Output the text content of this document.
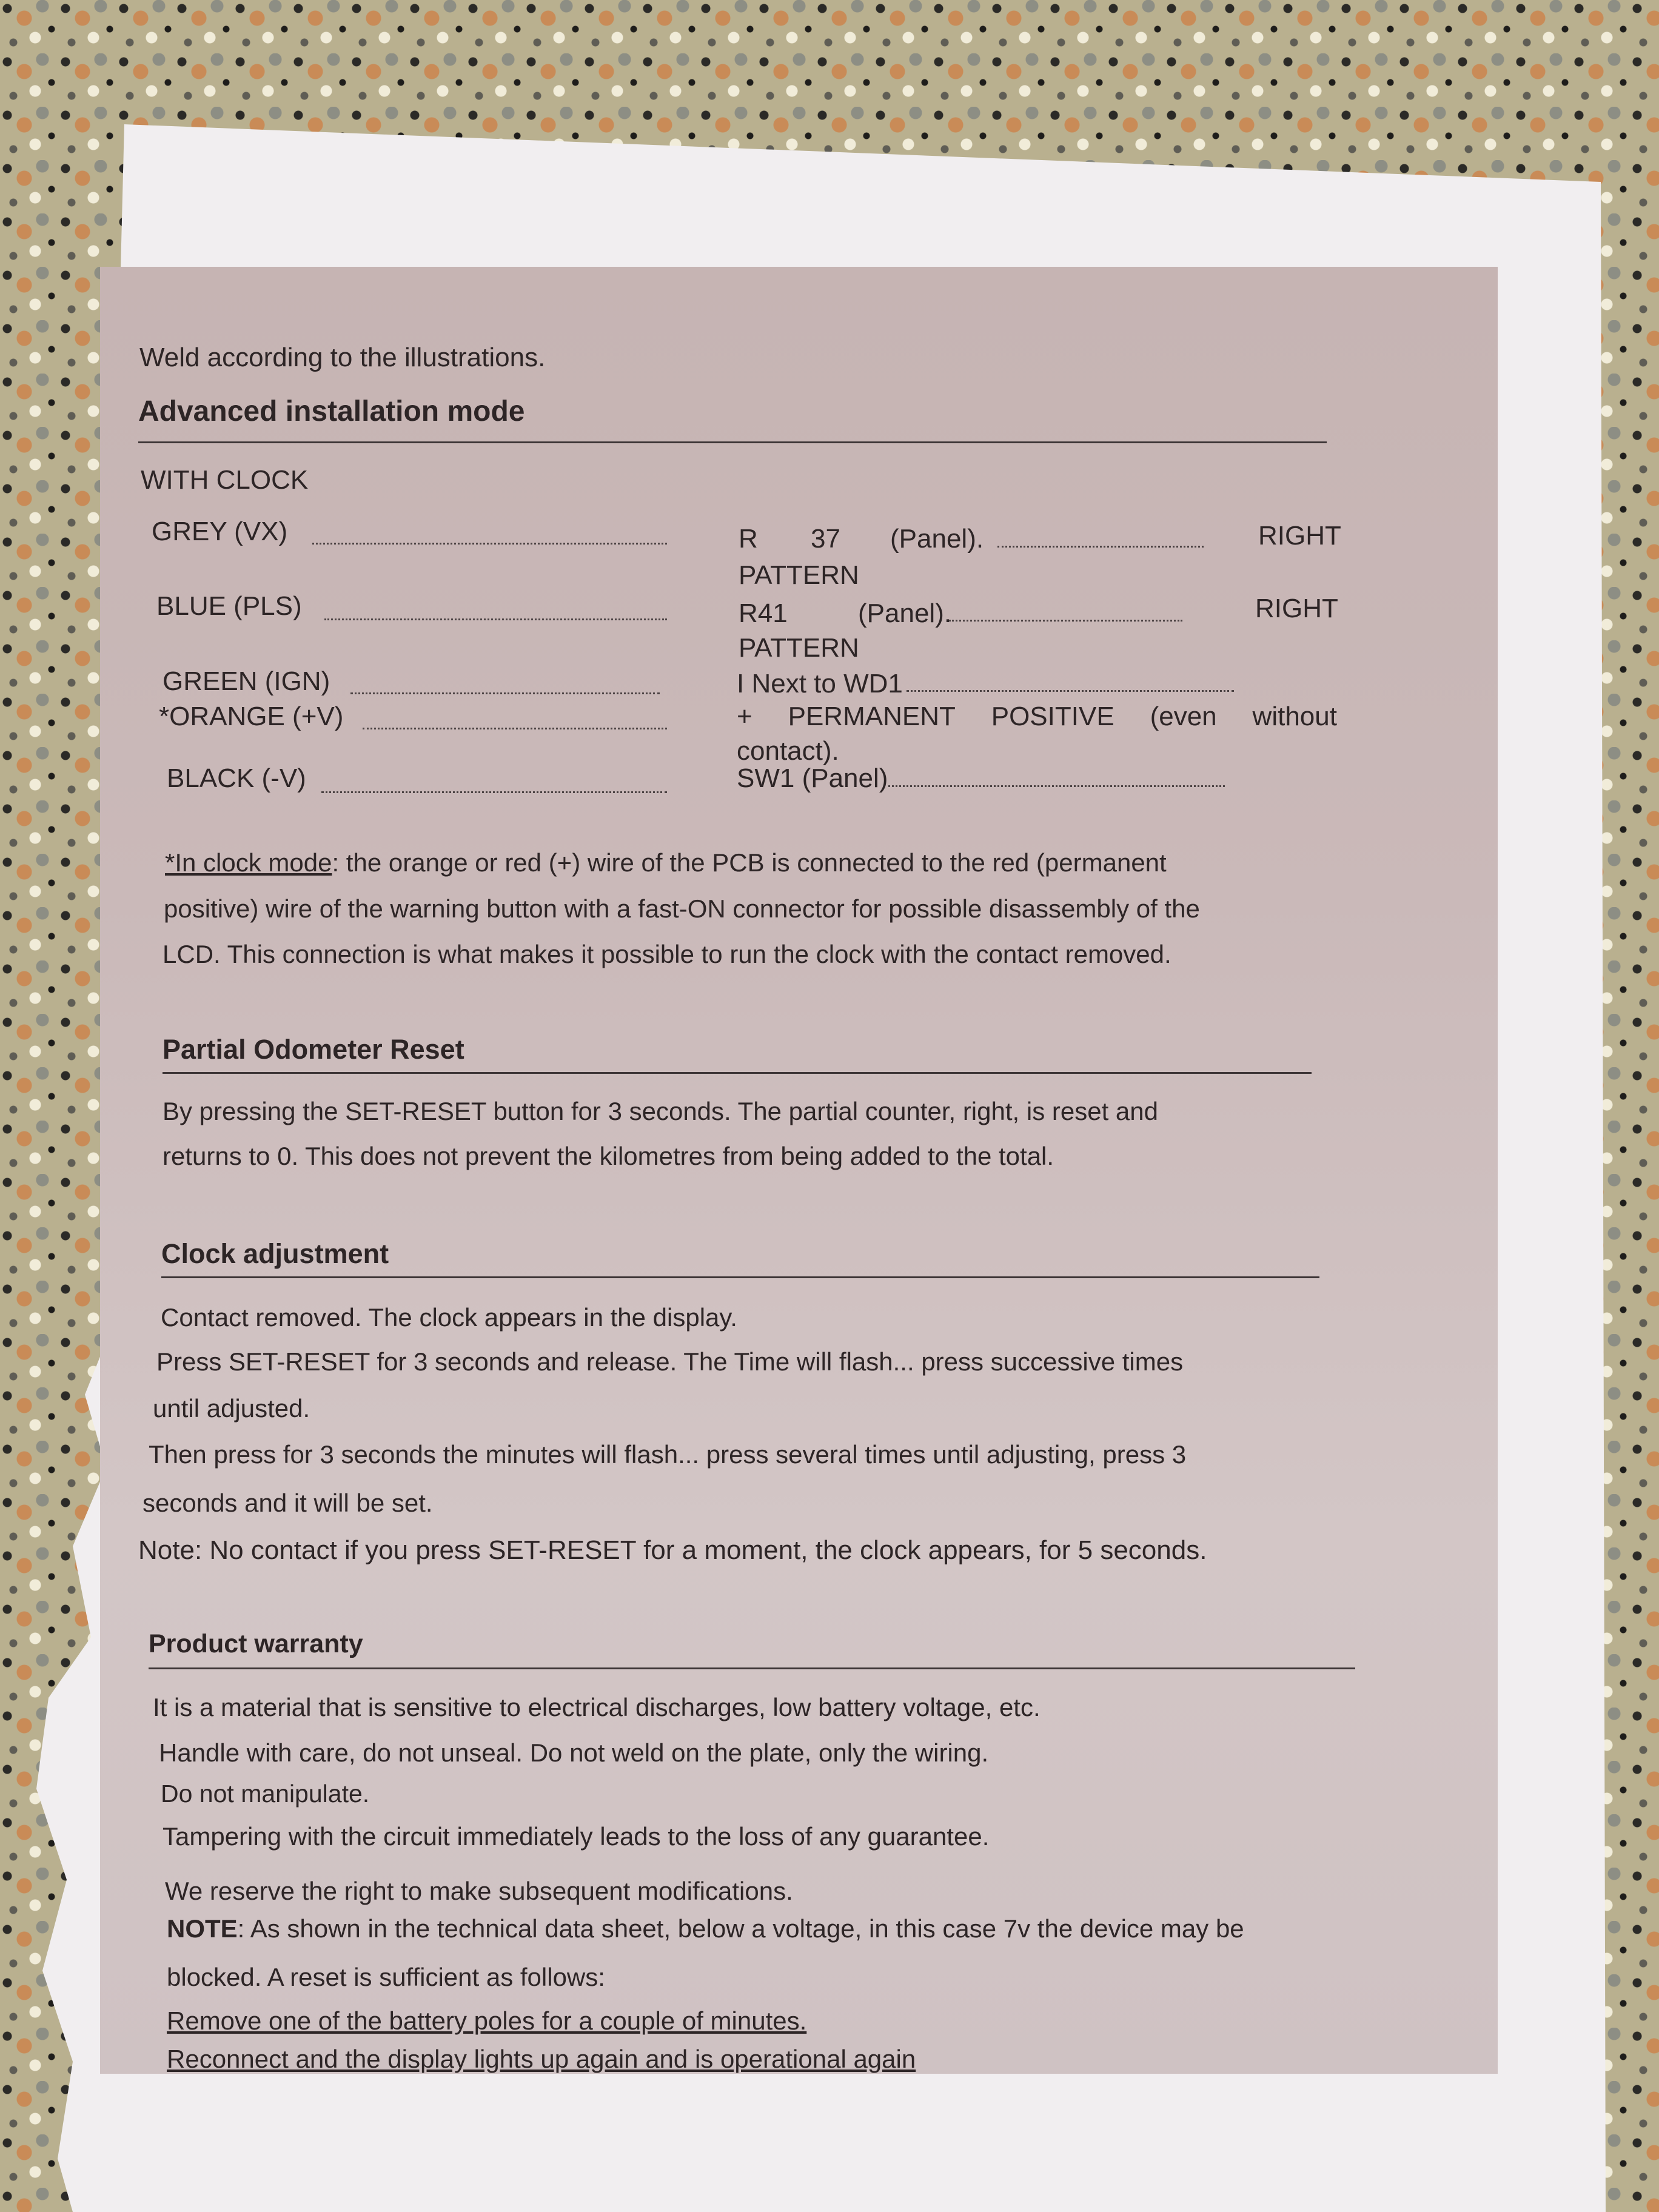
Weld according to the illustrations.
Advanced installation mode
WITH CLOCK
GREY (VX)	R 37 (Panel).	RIGHT
PATTERN
BLUE (PLS)	R41	(Panel).	RIGHT
PATTERN
GREEN (IGN)	I Next to WD1
*ORANGE (+V)	+ PERMANENT POSITIVE (even without
contact).
BLACK (-V)	SW1 (Panel)
*In clock mode: the orange or red (+) wire of the PCB is connected to the red (permanent
positive) wire of the warning button with a fast-ON connector for possible disassembly of the
LCD. This connection is what makes it possible to run the clock with the contact removed.
Partial Odometer Reset
By pressing the SET-RESET button for 3 seconds. The partial counter, right, is reset and
returns to 0. This does not prevent the kilometres from being added to the total.
Clock adjustment
Contact removed. The clock appears in the display.
Press SET-RESET for 3 seconds and release. The Time will flash... press successive times
until adjusted.
Then press for 3 seconds the minutes will flash... press several times until adjusting, press 3
seconds and it will be set.
Note: No contact if you press SET-RESET for a moment, the clock appears, for 5 seconds.
Product warranty
It is a material that is sensitive to electrical discharges, low battery voltage, etc.
Handle with care, do not unseal. Do not weld on the plate, only the wiring.
Do not manipulate.
Tampering with the circuit immediately leads to the loss of any guarantee.
We reserve the right to make subsequent modifications.
NOTE: As shown in the technical data sheet, below a voltage, in this case 7v the device may be
blocked. A reset is sufficient as follows:
Remove one of the battery poles for a couple of minutes.
Reconnect and the display lights up again and is operational again
